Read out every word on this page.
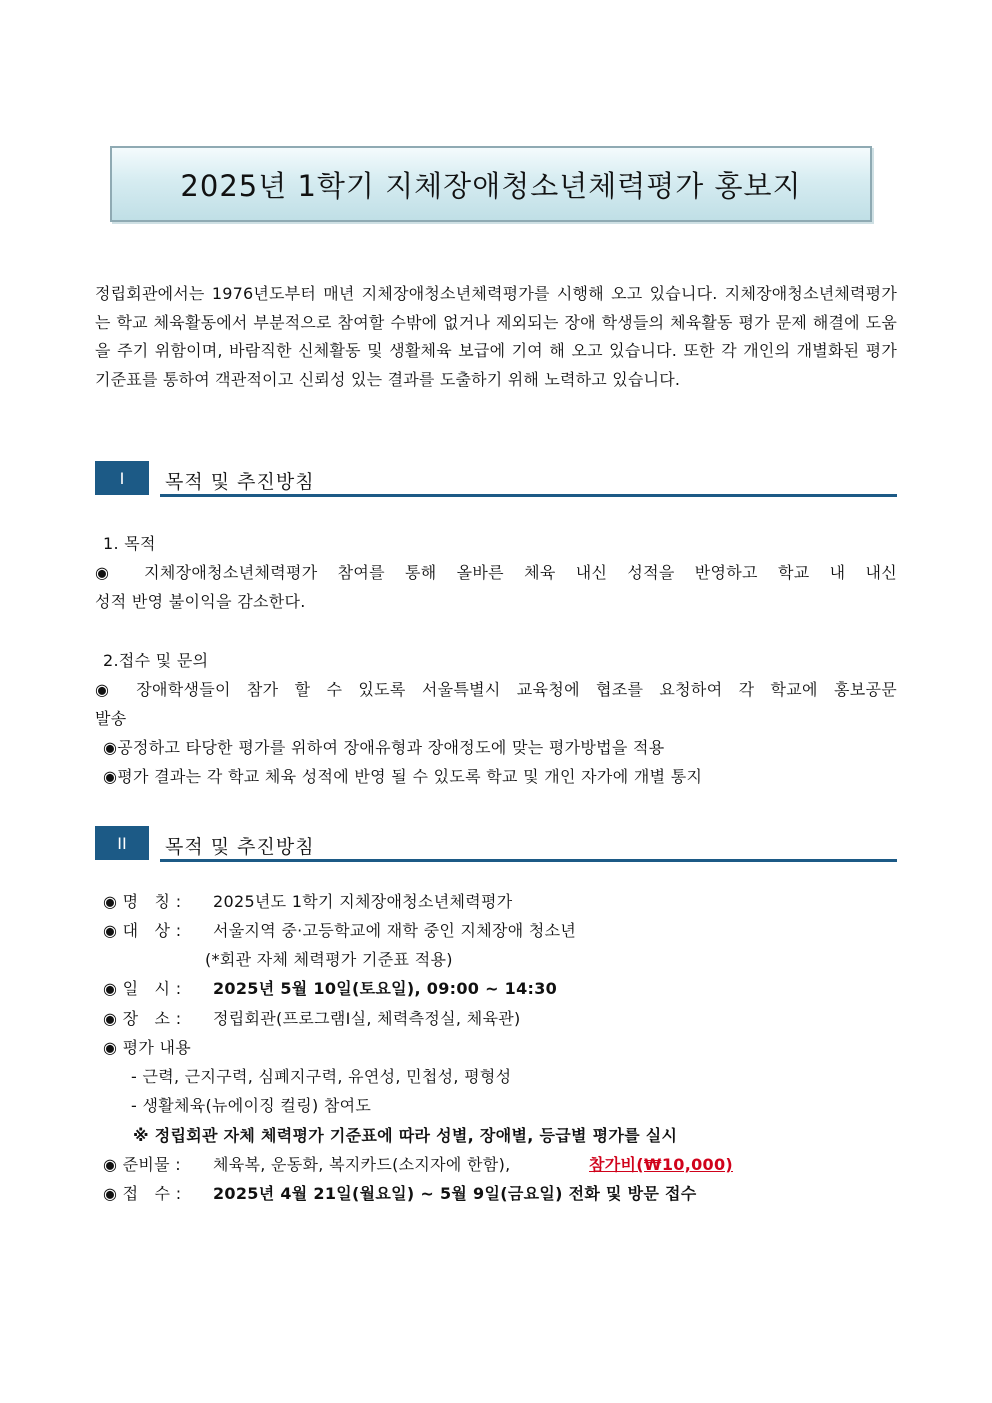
2025년 1학기 지체장애청소년체력평가 홍보지
정립회관에서는 1976년도부터 매년 지체장애청소년체력평가를 시행해 오고 있습니다. 지체장애청소년체력평가는 학교 체육활동에서 부분적으로 참여할 수밖에 없거나 제외되는 장애 학생들의 체육활동 평가 문제 해결에 도움을 주기 위함이며, 바람직한 신체활동 및 생활체육 보급에 기여 해 오고 있습니다. 또한 각 개인의 개별화된 평가 기준표를 통하여 객관적이고 신뢰성 있는 결과를 도출하기 위해 노력하고 있습니다.
I	목적 및 추진방침
1. 목적
◉ 지체장애청소년체력평가 참여를 통해 올바른 체육 내신 성적을 반영하고 학교 내 내신
성적 반영 불이익을 감소한다.
2.접수 및 문의
◉ 장애학생들이 참가 할 수 있도록 서울특별시 교육청에 협조를 요청하여 각 학교에 홍보공문
발송
◉공정하고 타당한 평가를 위하여 장애유형과 장애정도에 맞는 평가방법을 적용
◉평가 결과는 각 학교 체육 성적에 반영 될 수 있도록 학교 및 개인 자가에 개별 통지
II	목적 및 추진방침
◉ 명   칭 : 2025년도 1학기 지체장애청소년체력평가
◉ 대   상 : 서울지역 중·고등학교에 재학 중인 지체장애 청소년
(*회관 자체 체력평가 기준표 적용)
◉ 일   시 : 2025년 5월 10일(토요일), 09:00 ~ 14:30
◉ 장   소 : 정립회관(프로그램Ⅰ실, 체력측정실, 체육관)
◉ 평가 내용
- 근력, 근지구력, 심폐지구력, 유연성, 민첩성, 평형성
- 생활체육(뉴에이징 컬링) 참여도
※ 정립회관 자체 체력평가 기준표에 따라 성별, 장애별, 등급별 평가를 실시
◉ 준비물 : 체육복, 운동화, 복지카드(소지자에 한함),	참가비(₩10,000)
◉ 접   수 : 2025년 4월 21일(월요일) ~ 5월 9일(금요일) 전화 및 방문 접수
